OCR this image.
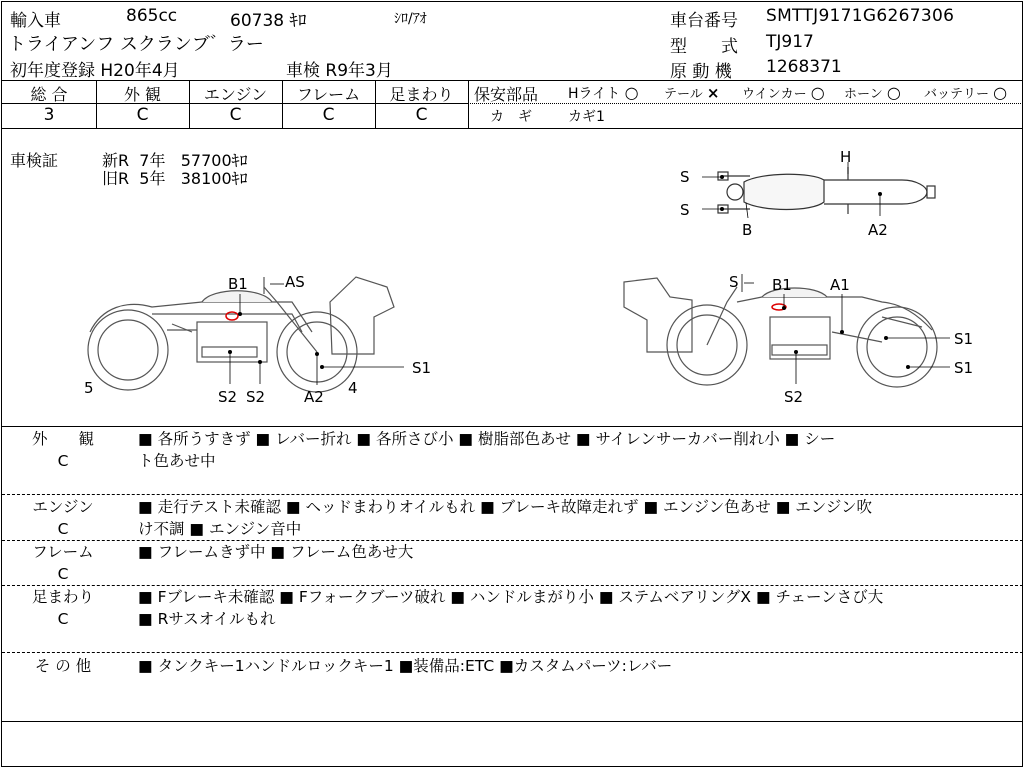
輸入車	865cc	60738 ｷﾛ	ｼﾛ/ｱｵ
トライアンフ スクランブ゛ラー
初年度登録 H20年4月	車検 R9年3月
車台番号 SMTTJ9171G6267306
型　　式 TJ917
原 動 機 1268371
総 合	外 観	エンジン	フレーム	足まわり
3	C	C	C	C
保安部品 Hライト ○ テール × ウインカー ○ ホーン ○ バッテリー ○
カ　ギ	カギ1
車検証	新R 7年 57700ｷﾛ
旧R 5年 38100ｷﾛ	S
S
H
B	A2
B1 AS
S1
5	4
S2 S2	A2
S B1	A1
S1
S1
S2
外　　観
C
■ 各所うすきず ■ レバー折れ ■ 各所さび小 ■ 樹脂部色あせ ■ サイレンサーカバー削れ小 ■ シー
ト色あせ中
エンジン
C
■ 走行テスト未確認 ■ ヘッドまわりオイルもれ ■ ブレーキ故障走れず ■ エンジン色あせ ■ エンジン吹
け不調 ■ エンジン音中
フレーム
C
■ フレームきず中 ■ フレーム色あせ大
足まわり
C
■ Fブレーキ未確認 ■ Fフォークブーツ破れ ■ ハンドルまがり小 ■ ステムベアリングX ■ チェーンさび大
■ Rサスオイルもれ
そ の 他	■ タンクキー1ハンドルロックキー1 ■装備品:ETC ■カスタムパーツ:レバー
